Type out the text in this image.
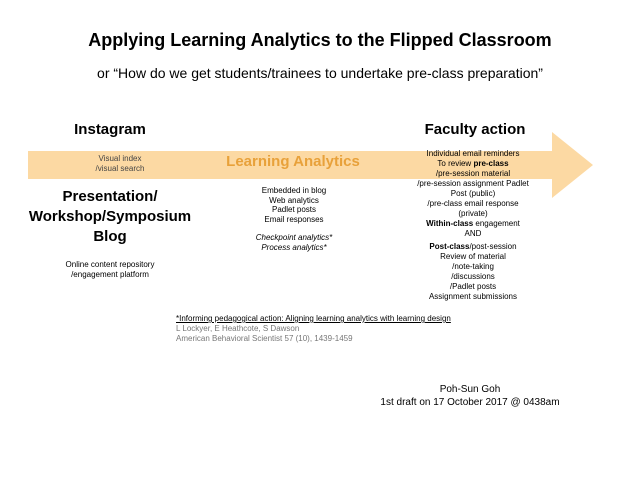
Applying Learning Analytics to the Flipped Classroom
or “How do we get students/trainees to undertake pre-class preparation”
Instagram	Faculty action
Visual index
/visual search	Learning Analytics
Presentation/
Workshop/Symposium
Blog
Online content repository
/engagement platform
Embedded in blog
Web analytics
Padlet posts
Email responses
Checkpoint analytics*
Process analytics*
Individual email reminders
To review pre-class
/pre-session material
/pre-session assignment Padlet
Post (public)
/pre-class email response
(private)
Within-class engagement
AND
Post-class/post-session
Review of material
/note-taking
/discussions
/Padlet posts
Assignment submissions
*Informing pedagogical action: Aligning learning analytics with learning design
L Lockyer, E Heathcote, S Dawson
American Behavioral Scientist 57 (10), 1439-1459
Poh-Sun Goh
1st draft on 17 October 2017 @ 0438am
